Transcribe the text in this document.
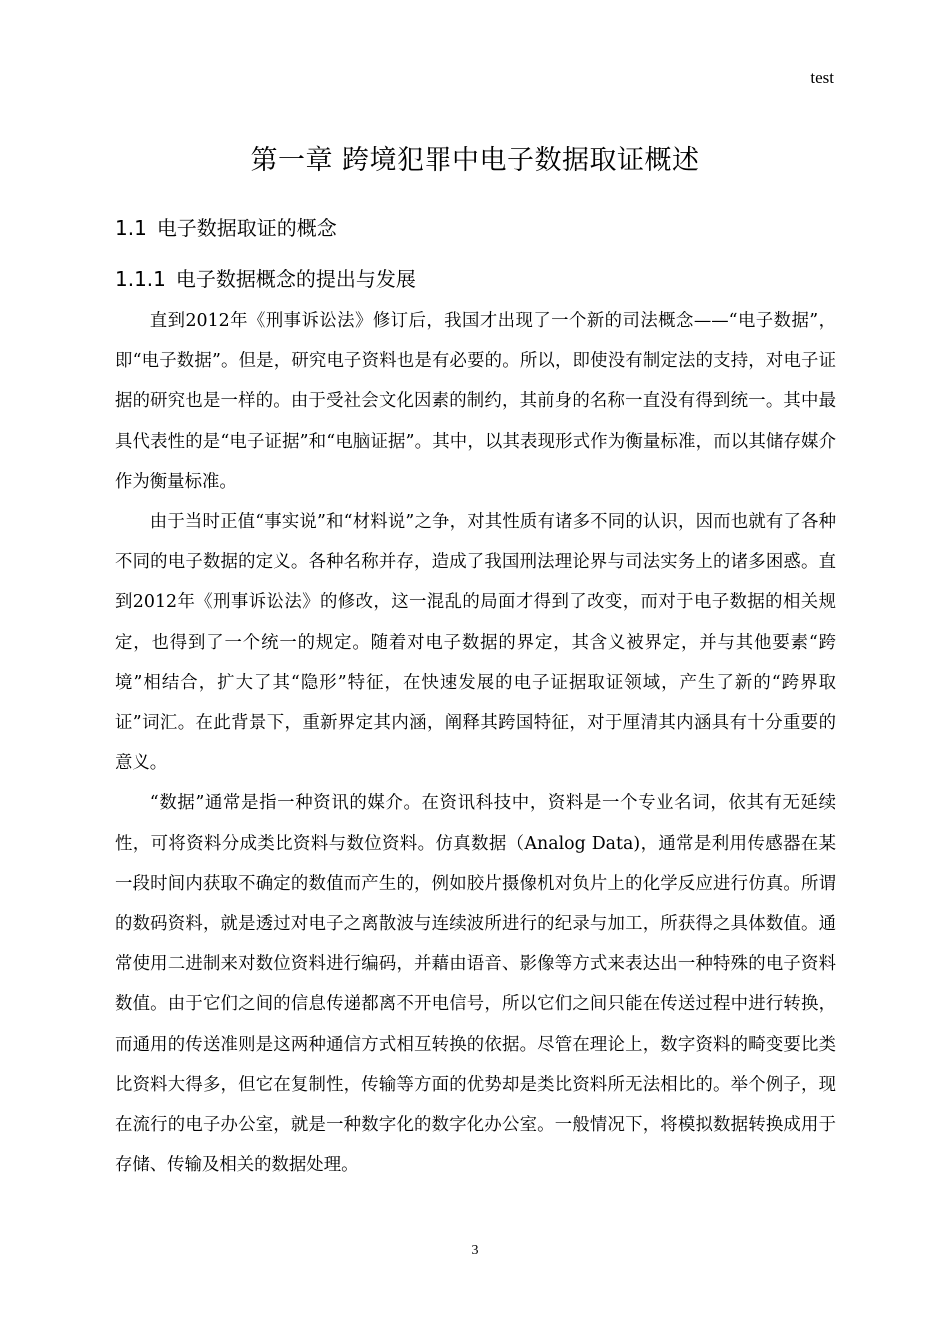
test
第一章 跨境犯罪中电子数据取证概述
1.1 电子数据取证的概念
1.1.1 电子数据概念的提出与发展

直到2012年《刑事诉讼法》修订后，我国才出现了一个新的司法概念——“电子数据”，即“电子数据”。但是，研究电子资料也是有必要的。所以，即使没有制定法的支持，对电子证据的研究也是一样的。由于受社会文化因素的制约，其前身的名称一直没有得到统一。其中最具代表性的是“电子证据”和“电脑证据”。其中，以其表现形式作为衡量标准，而以其储存媒介作为衡量标准。

由于当时正值“事实说”和“材料说”之争，对其性质有诸多不同的认识，因而也就有了各种不同的电子数据的定义。各种名称并存，造成了我国刑法理论界与司法实务上的诸多困惑。直到2012年《刑事诉讼法》的修改，这一混乱的局面才得到了改变，而对于电子数据的相关规定，也得到了一个统一的规定。随着对电子数据的界定，其含义被界定，并与其他要素“跨境”相结合，扩大了其“隐形”特征，在快速发展的电子证据取证领域，产生了新的“跨界取证”词汇。在此背景下，重新界定其内涵，阐释其跨国特征，对于厘清其内涵具有十分重要的意义。

“数据”通常是指一种资讯的媒介。在资讯科技中，资料是一个专业名词，依其有无延续性，可将资料分成类比资料与数位资料。仿真数据（Analog Data)，通常是利用传感器在某一段时间内获取不确定的数值而产生的，例如胶片摄像机对负片上的化学反应进行仿真。所谓的数码资料，就是透过对电子之离散波与连续波所进行的纪录与加工，所获得之具体数值。通常使用二进制来对数位资料进行编码，并藉由语音、影像等方式来表达出一种特殊的电子资料数值。由于它们之间的信息传递都离不开电信号，所以它们之间只能在传送过程中进行转换，而通用的传送准则是这两种通信方式相互转换的依据。尽管在理论上，数字资料的畸变要比类比资料大得多，但它在复制性，传输等方面的优势却是类比资料所无法相比的。举个例子，现在流行的电子办公室，就是一种数字化的数字化办公室。一般情况下，将模拟数据转换成用于存储、传输及相关的数据处理。

3
